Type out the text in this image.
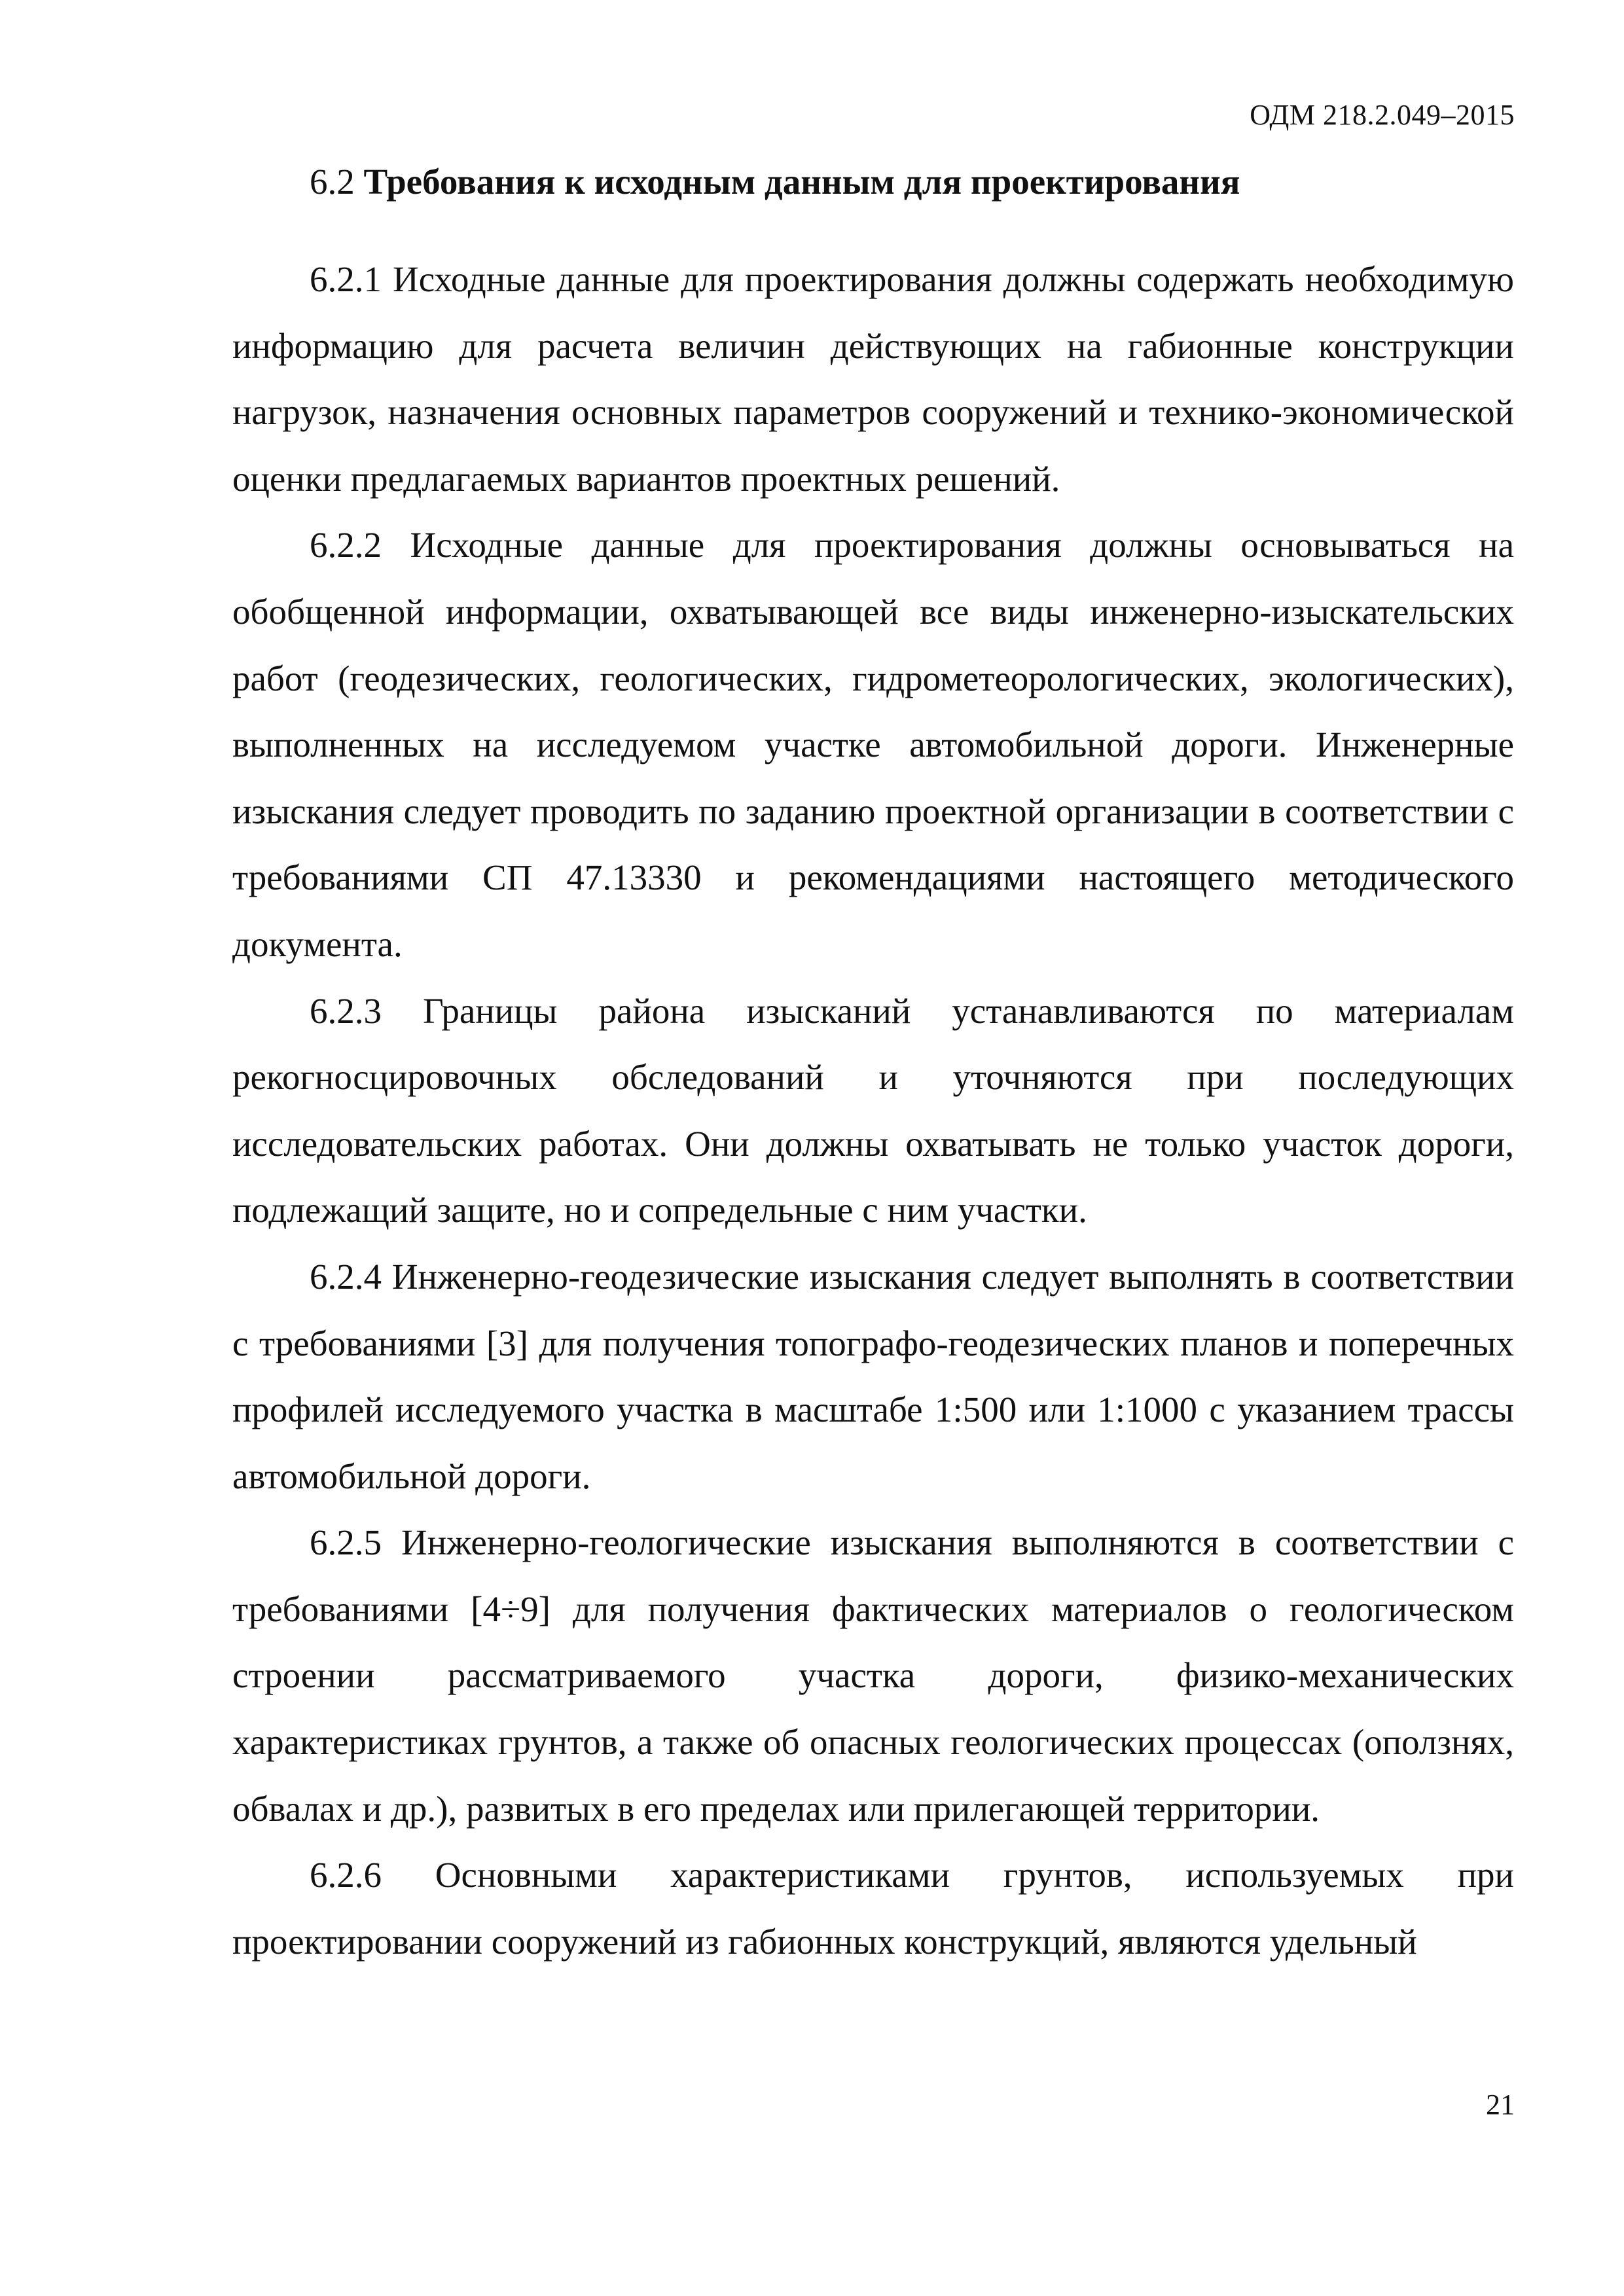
ОДМ 218.2.049–2015

6.2 Требования к исходным данным для проектирования

6.2.1 Исходные данные для проектирования должны содержать необходимую информацию для расчета величин действующих на габионные конструкции нагрузок, назначения основных параметров сооружений и технико-экономической оценки предлагаемых вариантов проектных решений.

6.2.2 Исходные данные для проектирования должны основываться на обобщенной информации, охватывающей все виды инженерно-изыскательских работ (геодезических, геологических, гидрометеорологических, экологических), выполненных на исследуемом участке автомобильной дороги. Инженерные изыскания следует проводить по заданию проектной организации в соответствии с требованиями СП 47.13330 и рекомендациями настоящего методического документа.

6.2.3 Границы района изысканий устанавливаются по материалам рекогносцировочных обследований и уточняются при последующих исследовательских работах. Они должны охватывать не только участок дороги, подлежащий защите, но и сопредельные с ним участки.

6.2.4 Инженерно-геодезические изыскания следует выполнять в соответствии с требованиями [3] для получения топографо-геодезических планов и поперечных профилей исследуемого участка в масштабе 1:500 или 1:1000 с указанием трассы автомобильной дороги.

6.2.5 Инженерно-геологические изыскания выполняются в соответствии с требованиями [4÷9] для получения фактических материалов о геологическом строении рассматриваемого участка дороги, физико-механических характеристиках грунтов, а также об опасных геологических процессах (оползнях, обвалах и др.), развитых в его пределах или прилегающей территории.

6.2.6 Основными характеристиками грунтов, используемых при проектировании сооружений из габионных конструкций, являются удельный

21
